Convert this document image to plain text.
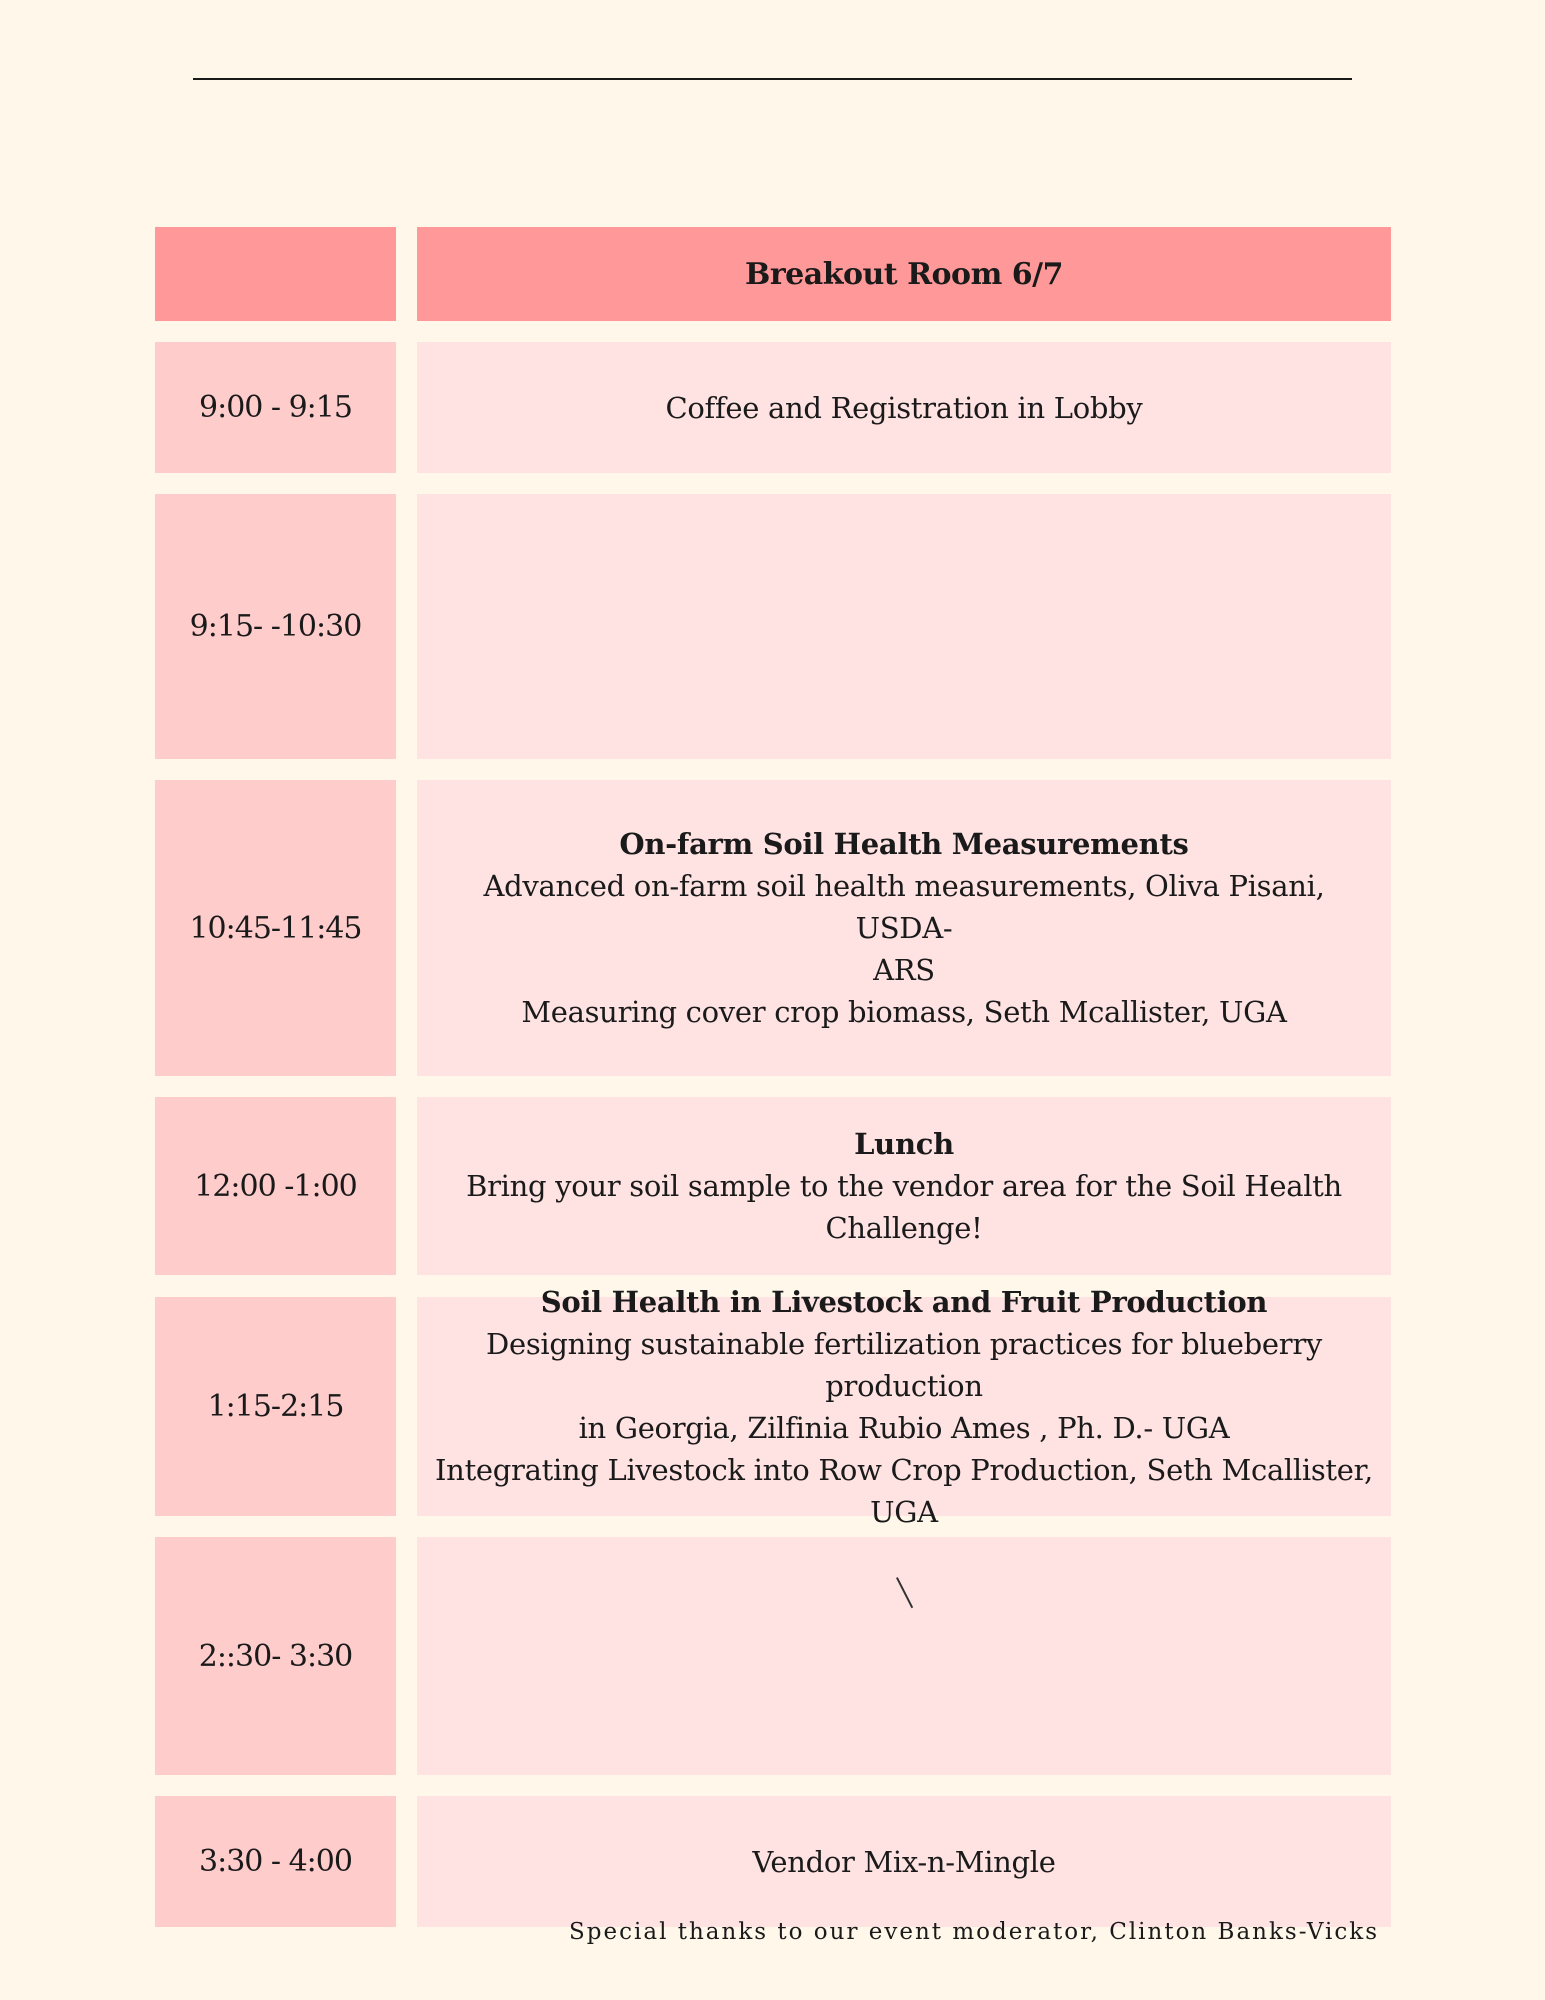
Breakout Room 6/7
9:00 - 9:15	Coffee and Registration in Lobby
9:15- -10:30
10:45-11:45
On-farm Soil Health Measurements
Advanced on-farm soil health measurements, Oliva Pisani, USDA-
ARS
Measuring cover crop biomass, Seth Mcallister, UGA
12:00 -1:00
Lunch
Bring your soil sample to the vendor area for the Soil Health
Challenge!
1:15-2:15
Soil Health in Livestock and Fruit Production
Designing sustainable fertilization practices for blueberry production
in Georgia, Zilfinia Rubio Ames , Ph. D.- UGA
Integrating Livestock into Row Crop Production, Seth Mcallister, UGA
2::30- 3:30
3:30 - 4:00	Vendor Mix-n-Mingle
Special thanks to our event moderator, Clinton Banks-Vicks
